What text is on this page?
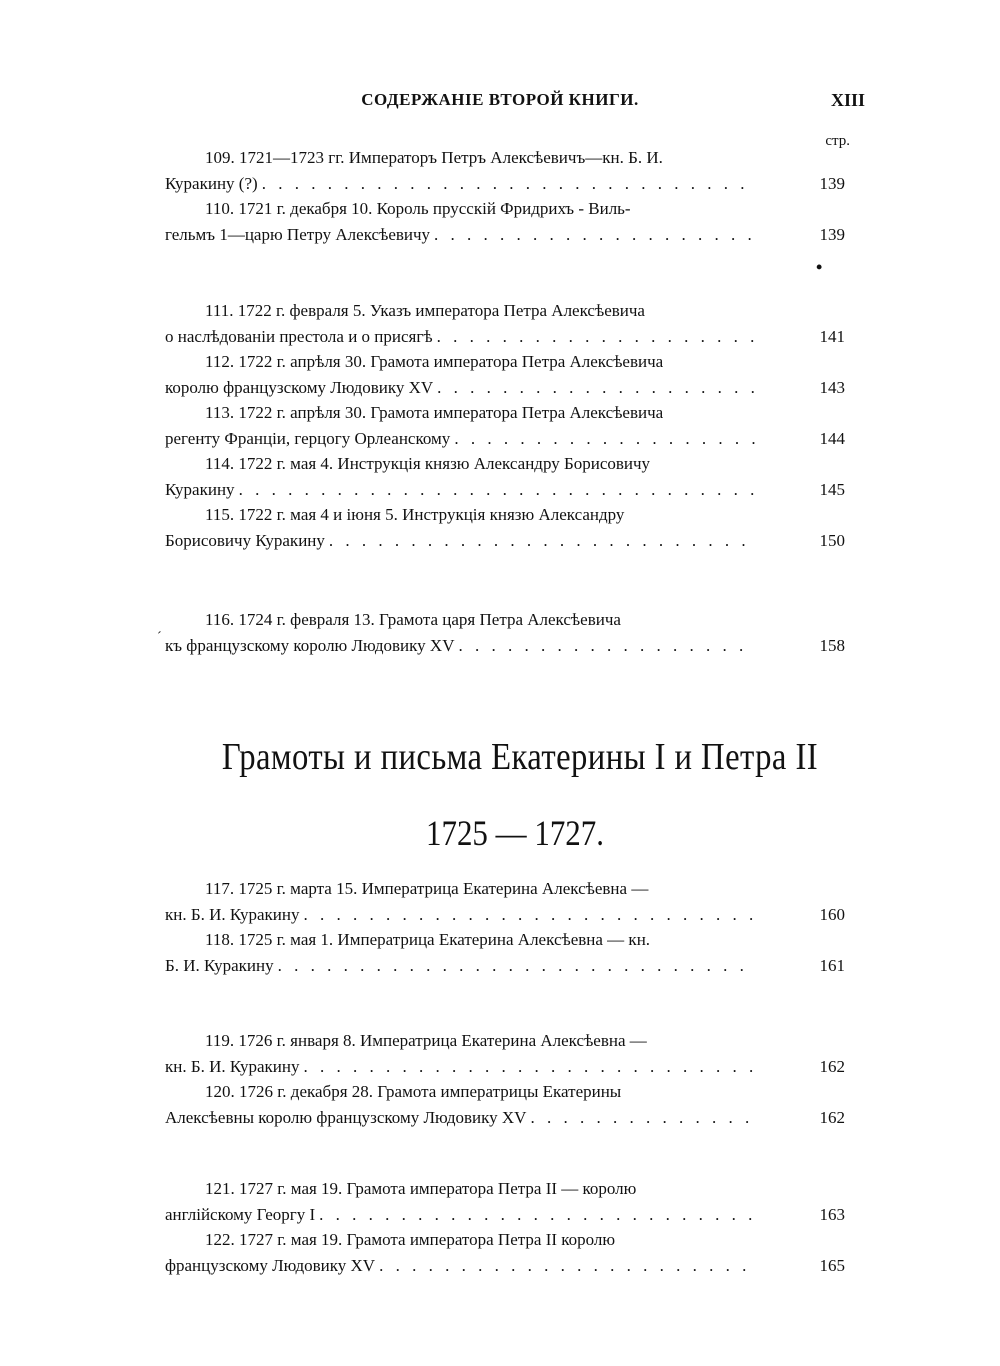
СОДЕРЖАНІЕ ВТОРОЙ КНИГИ.	XIII
стр.
•
´
109. 1721—1723 гг. Императоръ Петръ Алексѣевичъ—кн. Б. И.
Куракину (?) . . .	139
110. 1721 г. декабря 10. Король прусскій Фридрихъ - Виль-
гельмъ 1—царю Петру Алексѣевичу . . .	139
111. 1722 г. февраля 5. Указъ императора Петра Алексѣевича
о наслѣдованіи престола и о присягѣ . . .	141
112. 1722 г. апрѣля 30. Грамота императора Петра Алексѣевича
королю французскому Людовику XV . . .	143
113. 1722 г. апрѣля 30. Грамота императора Петра Алексѣевича
регенту Франціи, герцогу Орлеанскому . . .	144
114. 1722 г. мая 4. Инструкція князю Александру Борисовичу
Куракину . . .	145
115. 1722 г. мая 4 и іюня 5. Инструкція князю Александру
Борисовичу Куракину . . .	150
116. 1724 г. февраля 13. Грамота царя Петра Алексѣевича
къ французскому королю Людовику XV . . .	158
Грамоты и письма Екатерины I и Петра II
1725 — 1727.
117. 1725 г. марта 15. Императрица Екатерина Алексѣевна —
кн. Б. И. Куракину . . .	160
118. 1725 г. мая 1. Императрица Екатерина Алексѣевна — кн.
Б. И. Куракину . . .	161
119. 1726 г. января 8. Императрица Екатерина Алексѣевна —
кн. Б. И. Куракину . . .	162
120. 1726 г. декабря 28. Грамота императрицы Екатерины
Алексѣевны королю французскому Людовику XV . . .	162
121. 1727 г. мая 19. Грамота императора Петра II — королю
англійскому Георгу I . . .	163
122. 1727 г. мая 19. Грамота императора Петра II королю
французскому Людовику XV . . .	165
